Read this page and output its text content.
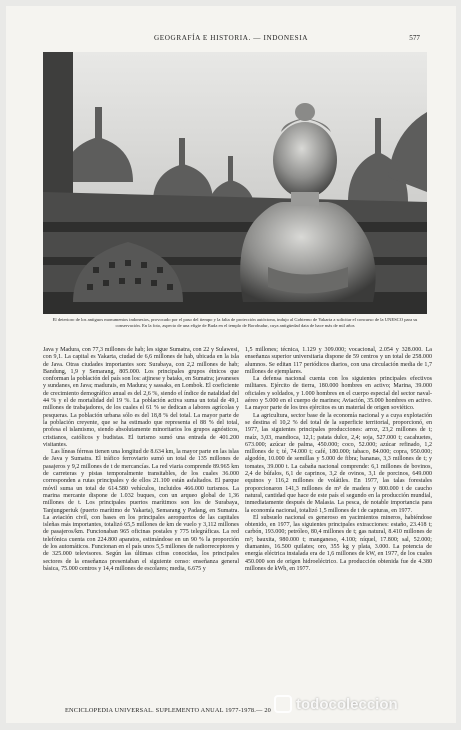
GEOGRAFÍA E HISTORIA. — INDONESIA	577
El deterioro de los antiguos monumentos indonesios, provocado por el paso del tiempo y la falta de protección autóctona, indujo al Gobierno de Yakarta a solicitar el concurso de la UNESCO para su conservación. En la foto, aspecto de una efigie de Buda en el templo de Borobudur, cuya antigüedad data de hace más de mil años

Java y Madura, con 77,3 millones de hab; les sigue Sumatra, con 22 y Sulawesi, con 9,1. La capital es Yakarta, ciudad de 6,6 millones de hab, ubicada en la isla de Java. Otras ciudades importantes son: Surabaya, con 2,2 millones de hab; Bandung, 1,9 y Semarang, 805.000. Los principales grupos étnicos que conforman la población del país son los: atjinese y bataks, en Sumatra; javaneses y sundanes, en Java; madurais, en Madura; y sassaks, en Lombok. El coeficiente de crecimiento demográfico anual es del 2,6 %, siendo el índice de natalidad del 44 % y el de mortalidad del 19 %. La población activa suma un total de 49,1 millones de trabajadores, de los cuales el 61 % se dedican a labores agrícolas y pesqueras. La población urbana sólo es del 18,8 % del total. La mayor parte de la población creyente, que se ha estimado que representa el 88 % del total, profesa el islamismo, siendo absolutamente minoritarios los grupos agnósticos, cristianos, católicos y budistas. El turismo sumó una entrada de 401.200 visitantes.

Las líneas férreas tienen una longitud de 8.634 km, la mayor parte en las islas de Java y Sumatra. El tráfico ferroviario sumó un total de 135 millones de pasajeros y 9,2 millones de t de mercancías. La red viaria comprende 89.965 km de carreteras y pistas temporalmente transitables, de los cuales 36.000 corresponden a rutas principales y de ellos 21.100 están asfaltados. El parque móvil suma un total de 614.580 vehículos, incluidos 466.000 turismos. La marina mercante dispone de 1.032 buques, con un arqueo global de 1,36 millones de t. Los principales puertos marítimos son los de Surabaya, Tanjungperiuk (puerto marítimo de Yakarta), Semarang y Padang, en Sumatra. La aviación civil, con bases en los principales aeropuertos de las capitales isleñas más importantes, totalizó 65,5 millones de km de vuelo y 3,112 millones de pasajeros/km. Funcionaban 965 oficinas postales y 775 telegráficas. La red telefónica cuenta con 224.800 aparatos, estimándose en un 90 % la proporción de los automáticos. Funcionan en el país unos 5,5 millones de radiorreceptores y de 325.000 televisores. Según las últimas cifras conocidas, los principales sectores de la enseñanza presentaban el siguiente censo: enseñanza general básica, 75.000 centros y 14,4 millones de escolares; media, 6.675 y

1,5 millones; técnica, 1.129 y 309.000; vocacional, 2.054 y 328.000. La enseñanza superior universitaria dispone de 59 centros y un total de 258.000 alumnos. Se editan 117 periódicos diarios, con una circulación media de 1,7 millones de ejemplares.

La defensa nacional cuenta con los siguientes principales efectivos militares. Ejército de tierra, 180.000 hombres en activo; Marina, 39.000 oficiales y soldados, y 1.000 hombres en el cuerpo especial del sector naval-aéreo y 5.000 en el cuerpo de marines; Aviación, 35.000 hombres en activo. La mayor parte de los tres ejércitos es un material de origen soviético.

La agricultura, sector base de la economía nacional y a cuya explotación se destina el 10,2 % del total de la superficie territorial, proporcionó, en 1977, las siguientes principales producciones: arroz, 23,2 millones de t; maíz, 3,03, mandioca, 12,1; patata dulce, 2,4; soja, 527.000 t; cacahuetes, 673.000; azúcar de palma, 450.000; coco, 52.000; azúcar refinado, 1,2 millones de t; té, 74.000 t; café, 180.000; tabaco, 84.000; copra, 950.000; algodón, 10.000 de semillas y 5.000 de fibra; bananas, 3,3 millones de t; y tomates, 39.000 t. La cabaña nacional comprende: 6,1 millones de bovinos, 2,4 de búfalos, 6,1 de caprinos, 3,2 de ovinos, 3,1 de porcinos, 649.000 equinos y 116,2 millones de volátiles. En 1977, las talas forestales proporcionaron 141,3 millones de m³ de madera y 800.000 t de caucho natural, cantidad que hace de este país el segundo en la producción mundial, inmediatamente después de Malasia. La pesca, de notable importancia para la economía nacional, totalizó 1,5 millones de t de capturas, en 1977.

El subsuelo nacional es generoso en yacimientos mineros, habiéndose obtenido, en 1977, las siguientes principales extracciones: estaño, 23.418 t; carbón, 193.000; petróleo, 80,4 millones de t; gas natural, 8.410 millones de m³; bauxita, 980.000 t; manganeso, 4.100; níquel, 17.800; sal, 52.000; diamantes, 16.500 quilates; oro, 355 kg y plata, 3.000. La potencia de energía eléctrica instalada era de 1,6 millones de kW, en 1977, de los cuales 450.000 son de origen hidroeléctrico. La producción obtenida fue de 4.380 millones de kWh, en 1977.

ENCICLOPEDIA UNIVERSAL. SUPLEMENTO ANUAL 1977-1978.— 20 todocoleccion
